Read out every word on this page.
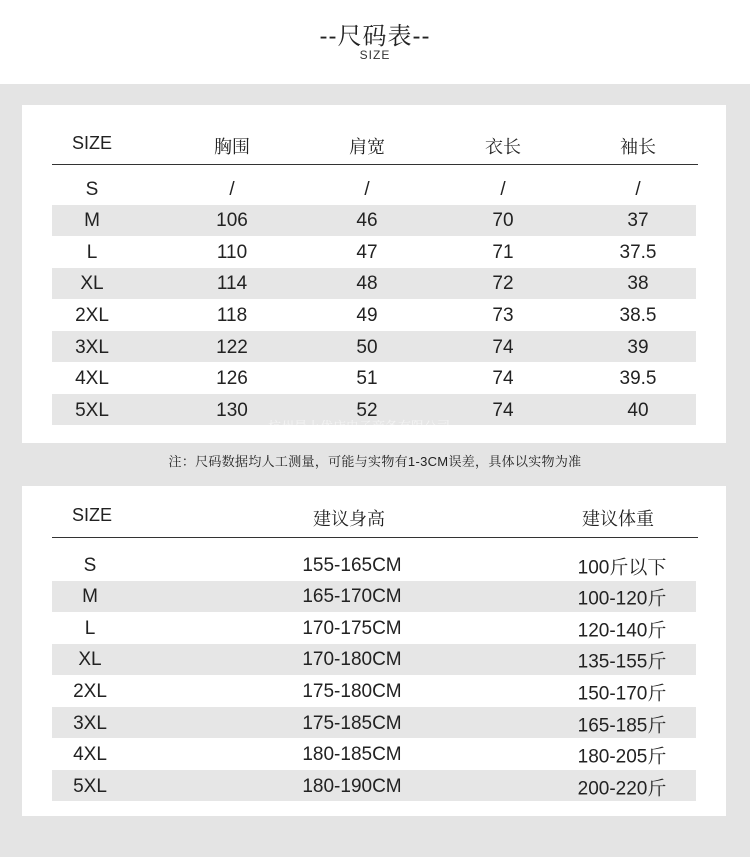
--尺码表--
SIZE
SIZE	胸围	肩宽	衣长	袖长
S	/	/	/	/
M	106	46	70	37
L	110	47	71	37.5
XL	114	48	72	38
2XL	118	49	73	38.5
3XL	122	50	74	39
4XL	126	51	74	39.5
5XL	130	52	74	40
杭州晨上优店电子商务有限公司
注：尺码数据均人工测量，可能与实物有1-3CM误差，具体以实物为准
SIZE	建议身高	建议体重
S	155-165CM	100斤以下
M	165-170CM	100-120斤
L	170-175CM	120-140斤
XL	170-180CM	135-155斤
2XL	175-180CM	150-170斤
3XL	175-185CM	165-185斤
4XL	180-185CM	180-205斤
5XL	180-190CM	200-220斤
